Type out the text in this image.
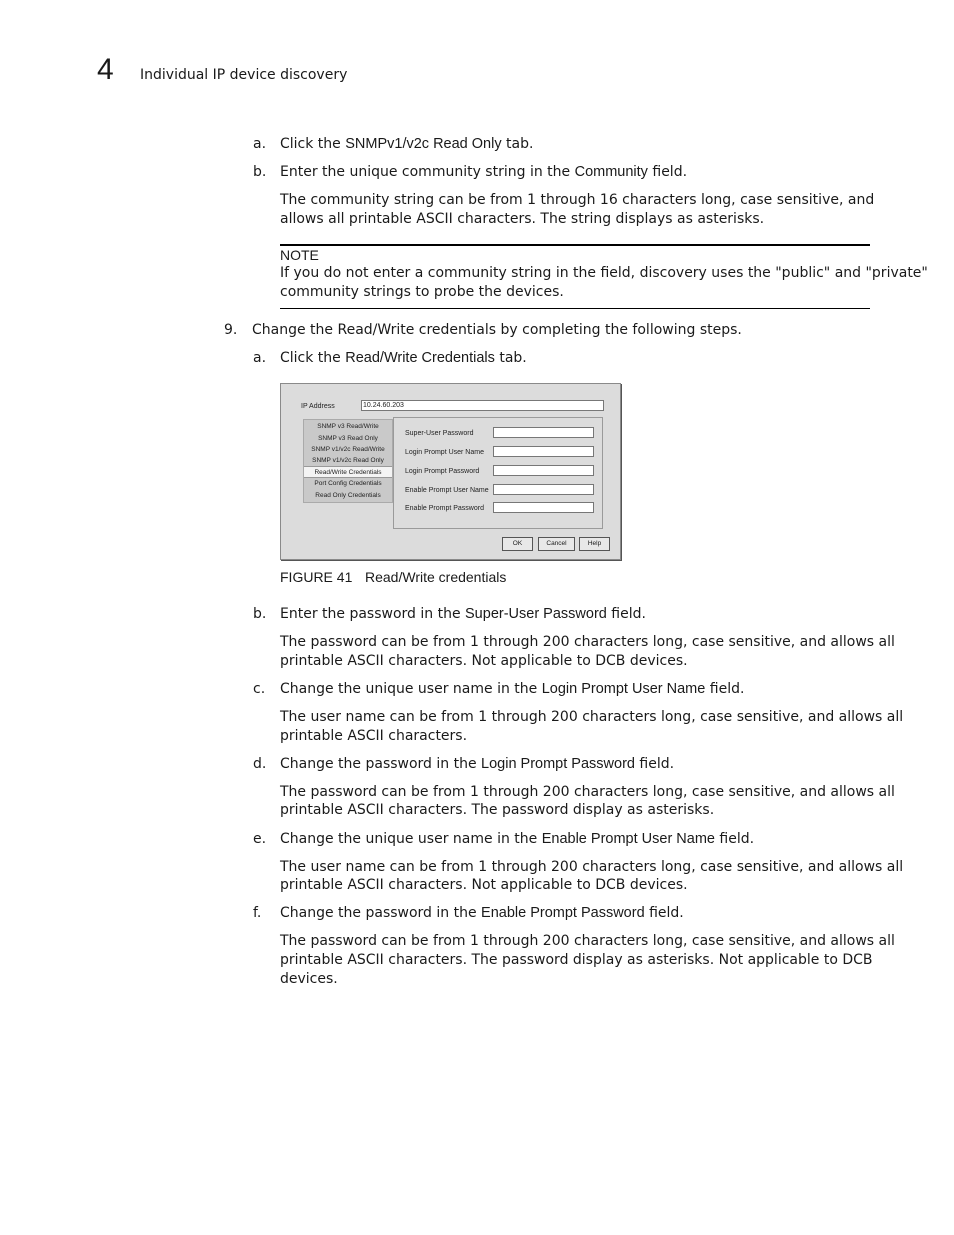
4 Individual IP device discovery
a. Click the SNMPv1/v2c Read Only tab.
b. Enter the unique community string in the Community field.
The community string can be from 1 through 16 characters long, case sensitive, and
allows all printable ASCII characters. The string displays as asterisks.
NOTE
If you do not enter a community string in the field, discovery uses the "public" and "private"
community strings to probe the devices.
9. Change the Read/Write credentials by completing the following steps.
a. Click the Read/Write Credentials tab.
IP Address	10.24.60.203
SNMP v3 Read/Write
SNMP v3 Read Only
SNMP v1/v2c Read/Write
SNMP v1/v2c Read Only
Read/Write Credentials
Port Config Credentials
Read Only Credentials
Super-User Password
Login Prompt User Name
Login Prompt Password
Enable Prompt User Name
Enable Prompt Password
OK	Cancel	Help
FIGURE 41 Read/Write credentials
b. Enter the password in the Super-User Password field.
The password can be from 1 through 200 characters long, case sensitive, and allows all
printable ASCII characters. Not applicable to DCB devices.
c. Change the unique user name in the Login Prompt User Name field.
The user name can be from 1 through 200 characters long, case sensitive, and allows all
printable ASCII characters.
d. Change the password in the Login Prompt Password field.
The password can be from 1 through 200 characters long, case sensitive, and allows all
printable ASCII characters. The password display as asterisks.
e. Change the unique user name in the Enable Prompt User Name field.
The user name can be from 1 through 200 characters long, case sensitive, and allows all
printable ASCII characters. Not applicable to DCB devices.
f. Change the password in the Enable Prompt Password field.
The password can be from 1 through 200 characters long, case sensitive, and allows all
printable ASCII characters. The password display as asterisks. Not applicable to DCB
devices.
